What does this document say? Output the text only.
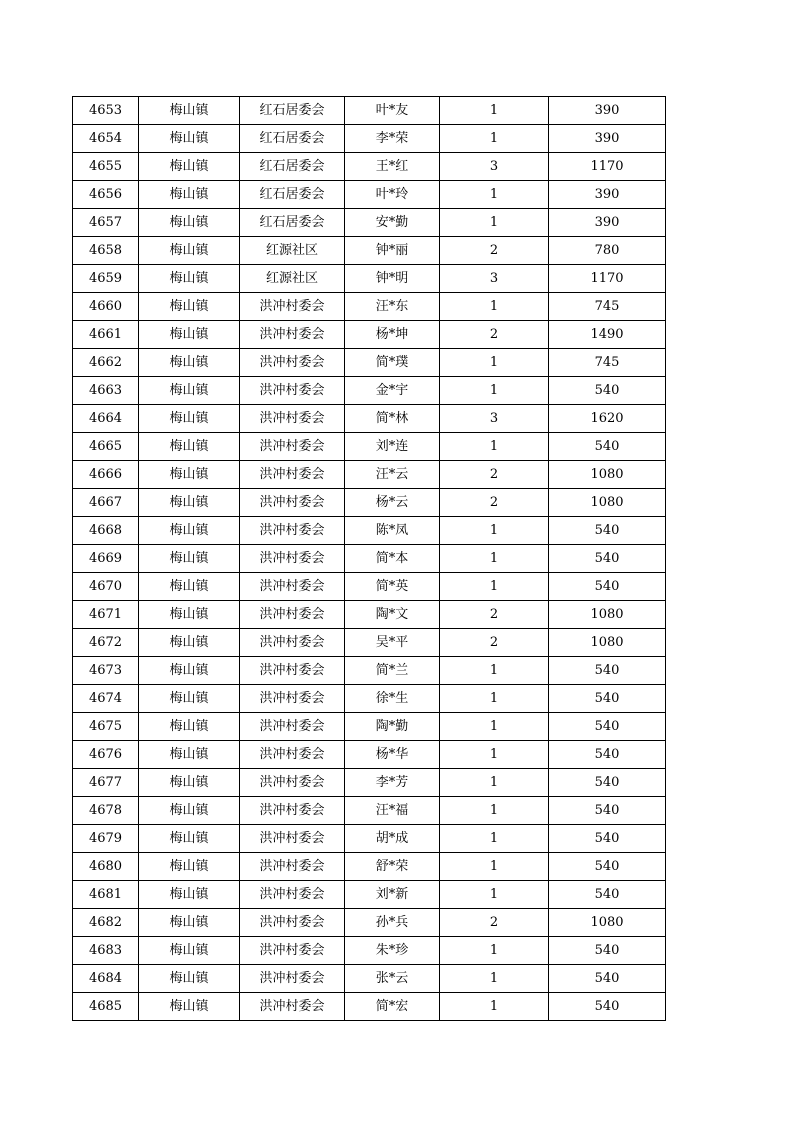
4653	梅山镇	红石居委会	叶*友	1	390
4654	梅山镇	红石居委会	李*荣	1	390
4655	梅山镇	红石居委会	王*红	3	1170
4656	梅山镇	红石居委会	叶*玲	1	390
4657	梅山镇	红石居委会	安*勤	1	390
4658	梅山镇	红源社区	钟*丽	2	780
4659	梅山镇	红源社区	钟*明	3	1170
4660	梅山镇	洪冲村委会	汪*东	1	745
4661	梅山镇	洪冲村委会	杨*坤	2	1490
4662	梅山镇	洪冲村委会	简*璞	1	745
4663	梅山镇	洪冲村委会	金*宇	1	540
4664	梅山镇	洪冲村委会	简*林	3	1620
4665	梅山镇	洪冲村委会	刘*连	1	540
4666	梅山镇	洪冲村委会	汪*云	2	1080
4667	梅山镇	洪冲村委会	杨*云	2	1080
4668	梅山镇	洪冲村委会	陈*凤	1	540
4669	梅山镇	洪冲村委会	简*本	1	540
4670	梅山镇	洪冲村委会	简*英	1	540
4671	梅山镇	洪冲村委会	陶*文	2	1080
4672	梅山镇	洪冲村委会	吴*平	2	1080
4673	梅山镇	洪冲村委会	简*兰	1	540
4674	梅山镇	洪冲村委会	徐*生	1	540
4675	梅山镇	洪冲村委会	陶*勤	1	540
4676	梅山镇	洪冲村委会	杨*华	1	540
4677	梅山镇	洪冲村委会	李*芳	1	540
4678	梅山镇	洪冲村委会	汪*福	1	540
4679	梅山镇	洪冲村委会	胡*成	1	540
4680	梅山镇	洪冲村委会	舒*荣	1	540
4681	梅山镇	洪冲村委会	刘*新	1	540
4682	梅山镇	洪冲村委会	孙*兵	2	1080
4683	梅山镇	洪冲村委会	朱*珍	1	540
4684	梅山镇	洪冲村委会	张*云	1	540
4685	梅山镇	洪冲村委会	简*宏	1	540
